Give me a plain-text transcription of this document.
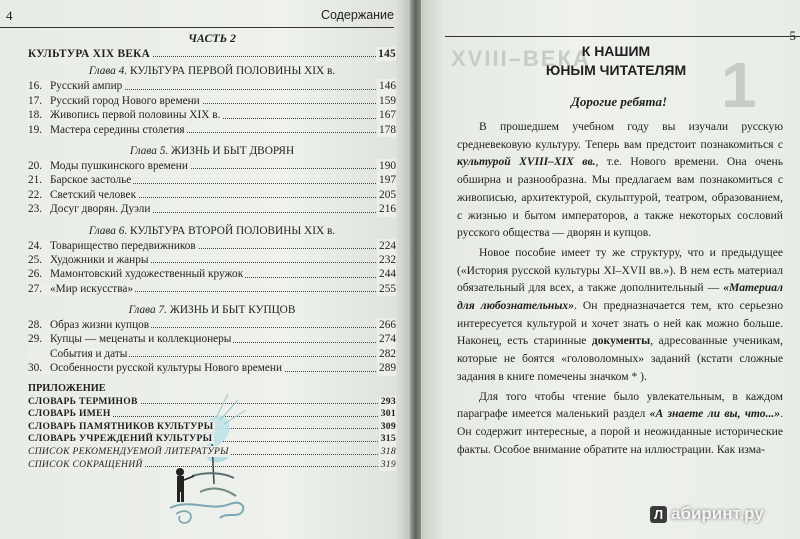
4	Содержание
ЧАСТЬ 2
КУЛЬТУРА XIX ВЕКА	145
Глава 4. КУЛЬТУРА ПЕРВОЙ ПОЛОВИНЫ XIX в.
16. Русский ампир	146
17. Русский город Нового времени	159
18. Живопись первой половины XIX в.	167
19. Мастера середины столетия	178
Глава 5. ЖИЗНЬ И БЫТ ДВОРЯН
20. Моды пушкинского времени	190
21. Барское застолье	197
22. Светский человек	205
23. Досуг дворян. Дуэли	216
Глава 6. КУЛЬТУРА ВТОРОЙ ПОЛОВИНЫ XIX в.
24. Товарищество передвижников	224
25. Художники и жанры	232
26. Мамонтовский художественный кружок	244
27. «Мир искусства»	255
Глава 7. ЖИЗНЬ И БЫТ КУПЦОВ
28. Образ жизни купцов	266
29. Купцы — меценаты и коллекционеры	274
События и даты	282
30. Особенности русской культуры Нового времени	289
ПРИЛОЖЕНИЕ
СЛОВАРЬ ТЕРМИНОВ	293
СЛОВАРЬ ИМЕН	301
СЛОВАРЬ ПАМЯТНИКОВ КУЛЬТУРЫ	309
СЛОВАРЬ УЧРЕЖДЕНИЙ КУЛЬТУРЫ	315
СПИСОК РЕКОМЕНДУЕМОЙ ЛИТЕРАТУРЫ	318
СПИСОК СОКРАЩЕНИЙ	319
XVIII–ВЕКА 1
5
К НАШИМ
ЮНЫМ ЧИТАТЕЛЯМ
Дорогие ребята!

В прошедшем учебном году вы изучали русскую средневековую культуру. Теперь вам предстоит познакомиться с культурой XVIII–XIX вв., т.е. Нового времени. Она очень обширна и разнообразна. Мы предлагаем вам познакомиться с живописью, архитектурой, скульптурой, театром, образованием, с жизнью и бытом императоров, а также некоторых сословий русского общества — дворян и купцов.

Новое пособие имеет ту же структуру, что и предыдущее («История русской культуры XI–XVII вв.»). В нем есть материал обязательный для всех, а также дополнительный — «Материал для любознательных». Он предназначается тем, кто серьезно интересуется культурой и хочет знать о ней как можно больше. Наконец, есть старинные документы, адресованные ученикам, которые не боятся «головоломных» заданий (кстати сложные задания в книге помечены значком * ).

Для того чтобы чтение было увлекательным, в каждом параграфе имеется маленький раздел «А знаете ли вы, что...». Он содержит интересные, а порой и неожиданные исторические факты. Особое внимание обратите на иллюстрации. Как изма-

Л абиринт.ру
